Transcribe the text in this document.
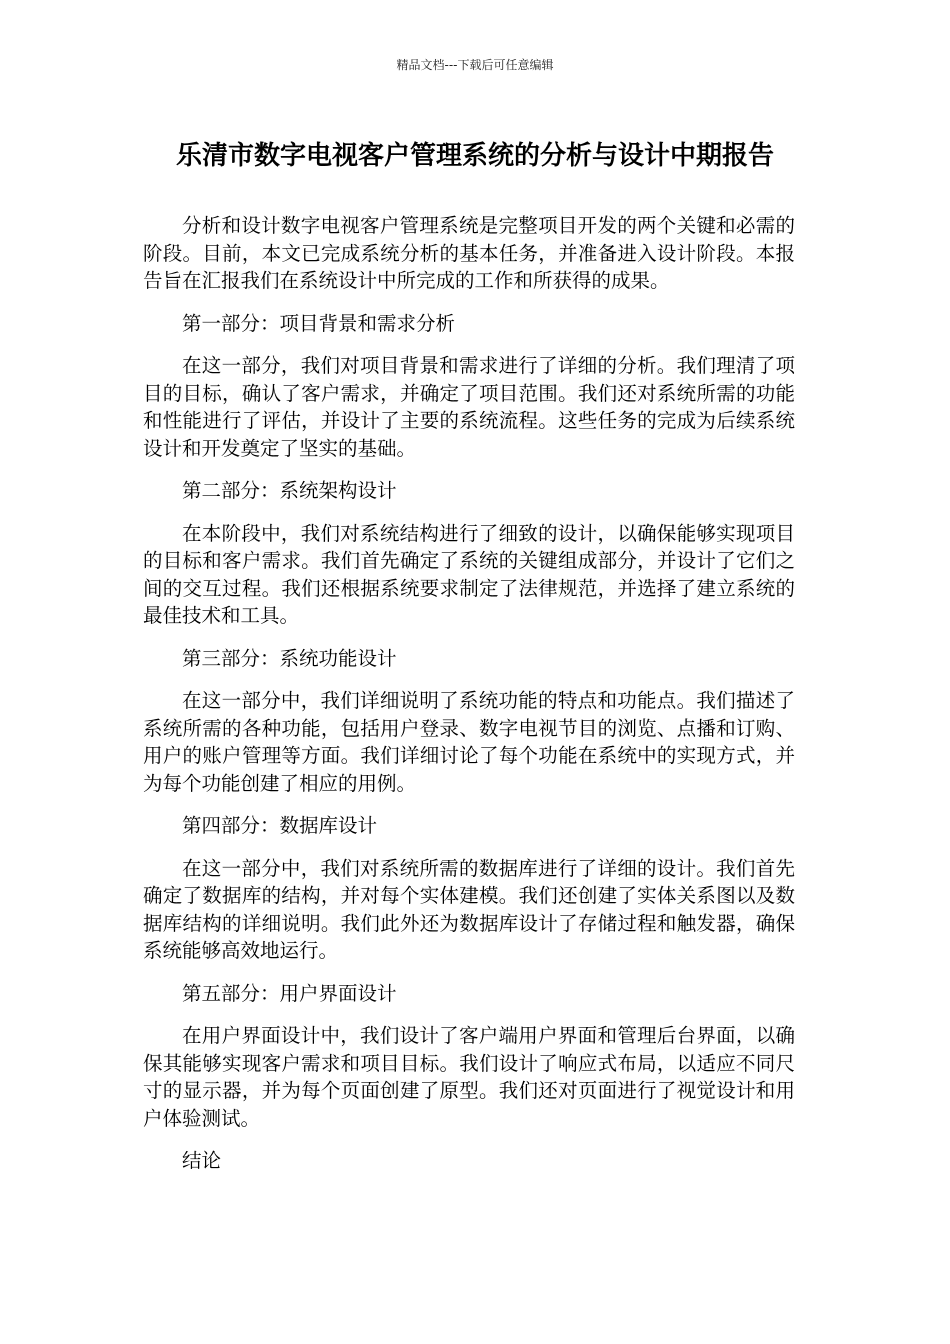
精品文档---下载后可任意编辑
乐清市数字电视客户管理系统的分析与设计中期报告

分析和设计数字电视客户管理系统是完整项目开发的两个关键和必需的阶段。目前，本文已完成系统分析的基本任务，并准备进入设计阶段。本报告旨在汇报我们在系统设计中所完成的工作和所获得的成果。

第一部分：项目背景和需求分析

在这一部分，我们对项目背景和需求进行了详细的分析。我们理清了项目的目标，确认了客户需求，并确定了项目范围。我们还对系统所需的功能和性能进行了评估，并设计了主要的系统流程。这些任务的完成为后续系统设计和开发奠定了坚实的基础。

第二部分：系统架构设计

在本阶段中，我们对系统结构进行了细致的设计，以确保能够实现项目的目标和客户需求。我们首先确定了系统的关键组成部分，并设计了它们之间的交互过程。我们还根据系统要求制定了法律规范，并选择了建立系统的最佳技术和工具。

第三部分：系统功能设计

在这一部分中，我们详细说明了系统功能的特点和功能点。我们描述了系统所需的各种功能，包括用户登录、数字电视节目的浏览、点播和订购、用户的账户管理等方面。我们详细讨论了每个功能在系统中的实现方式，并为每个功能创建了相应的用例。

第四部分：数据库设计

在这一部分中，我们对系统所需的数据库进行了详细的设计。我们首先确定了数据库的结构，并对每个实体建模。我们还创建了实体关系图以及数据库结构的详细说明。我们此外还为数据库设计了存储过程和触发器，确保系统能够高效地运行。

第五部分：用户界面设计

在用户界面设计中，我们设计了客户端用户界面和管理后台界面，以确保其能够实现客户需求和项目目标。我们设计了响应式布局，以适应不同尺寸的显示器，并为每个页面创建了原型。我们还对页面进行了视觉设计和用户体验测试。

结论
